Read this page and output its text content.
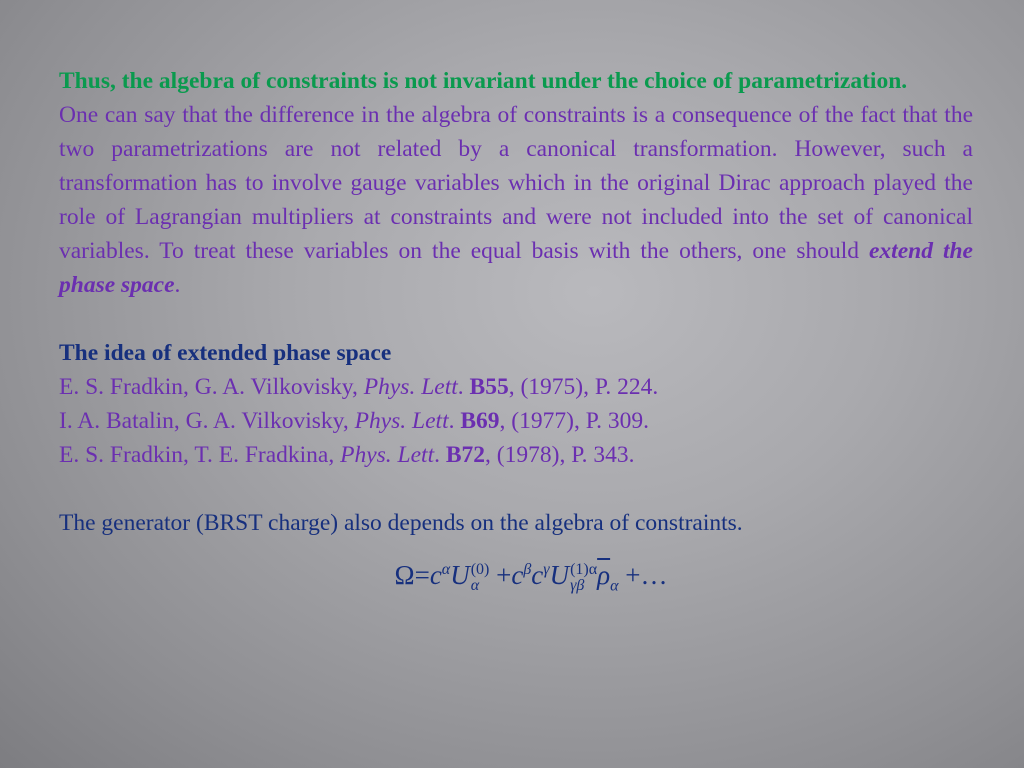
Thus, the algebra of constraints is not invariant under the choice of parametrization.
One can say that the difference in the algebra of constraints is a consequence of the fact that the two parametrizations are not related by a canonical transformation. However, such a transformation has to involve gauge variables which in the original Dirac approach played the role of Lagrangian multipliers at constraints and were not included into the set of canonical variables. To treat these variables on the equal basis with the others, one should extend the phase space.
The idea of extended phase space
E. S. Fradkin, G. A. Vilkovisky, Phys. Lett. B55, (1975), P. 224.
I. A. Batalin, G. A. Vilkovisky, Phys. Lett. B69, (1977), P. 309.
E. S. Fradkin, T. E. Fradkina, Phys. Lett. B72, (1978), P. 343.
The generator (BRST charge) also depends on the algebra of constraints.
$\Omega=c^\alpha U$ (0)
$\alpha +c^\beta c^\gamma U$ (1)α
γβ $\overline{\rho}_\alpha$ +…
